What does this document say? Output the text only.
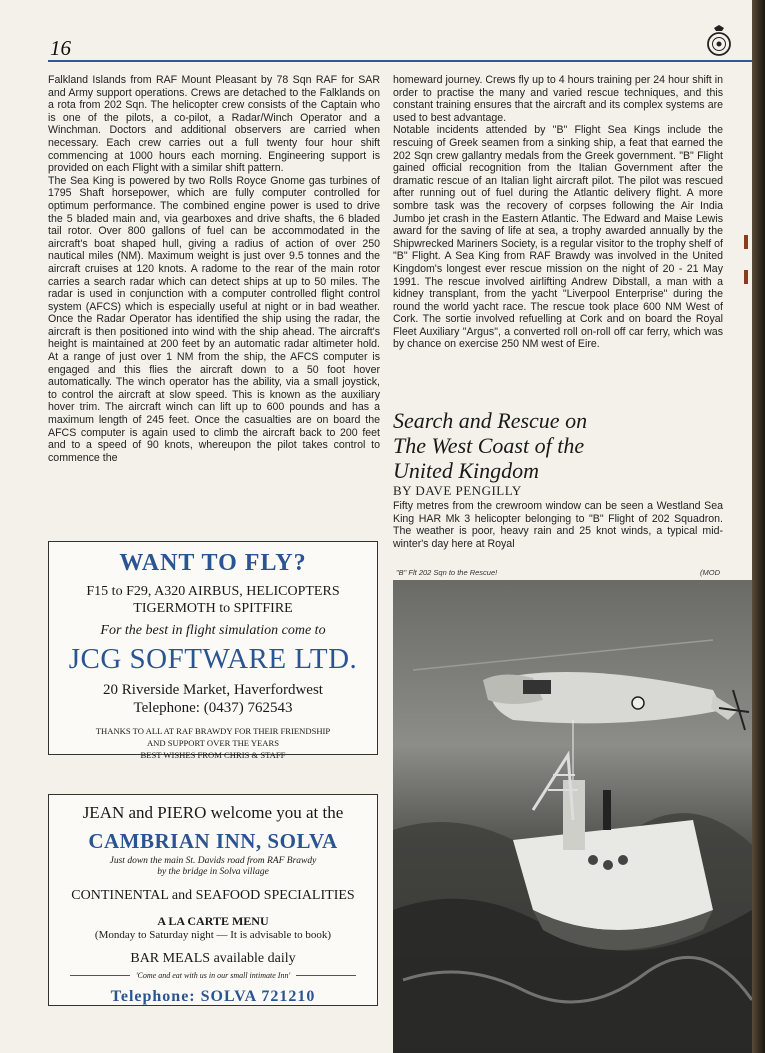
16

Falkland Islands from RAF Mount Pleasant by 78 Sqn RAF for SAR and Army support operations. Crews are detached to the Falklands on a rota from 202 Sqn. The helicopter crew consists of the Captain who is one of the pilots, a co-pilot, a Radar/Winch Operator and a Winchman. Doctors and additional observers are carried when necessary. Each crew carries out a full twenty four hour shift commencing at 1000 hours each morning. Engineering support is provided on each Flight with a similar shift pattern.

The Sea King is powered by two Rolls Royce Gnome gas turbines of 1795 Shaft horsepower, which are fully computer controlled for optimum performance. The combined engine power is used to drive the 5 bladed main and, via gearboxes and drive shafts, the 6 bladed tail rotor. Over 800 gallons of fuel can be accommodated in the aircraft's boat shaped hull, giving a radius of action of over 250 nautical miles (NM). Maximum weight is just over 9.5 tonnes and the aircraft cruises at 120 knots. A radome to the rear of the main rotor carries a search radar which can detect ships at up to 50 miles. The radar is used in conjunction with a computer controlled flight control system (AFCS) which is especially useful at night or in bad weather. Once the Radar Operator has identified the ship using the radar, the aircraft is then positioned into wind with the ship ahead. The aircraft's height is maintained at 200 feet by an automatic radar altimeter hold. At a range of just over 1 NM from the ship, the AFCS computer is engaged and this flies the aircraft down to a 50 foot hover automatically. The winch operator has the ability, via a small joystick, to control the aircraft at slow speed. This is known as the auxiliary hover trim. The aircraft winch can lift up to 600 pounds and has a maximum length of 245 feet. Once the casualties are on board the AFCS computer is again used to climb the aircraft back to 200 feet and to a speed of 90 knots, whereupon the pilot takes control to commence the

homeward journey. Crews fly up to 4 hours training per 24 hour shift in order to practise the many and varied rescue techniques, and this constant training ensures that the aircraft and its complex systems are used to best advantage.

Notable incidents attended by "B" Flight Sea Kings include the rescuing of Greek seamen from a sinking ship, a feat that earned the 202 Sqn crew gallantry medals from the Greek government. "B" Flight gained official recognition from the Italian Government after the dramatic rescue of an Italian light aircraft pilot. The pilot was rescued after running out of fuel during the Atlantic delivery flight. A more sombre task was the recovery of corpses following the Air India Jumbo jet crash in the Eastern Atlantic. The Edward and Maise Lewis award for the saving of life at sea, a trophy awarded annually by the Shipwrecked Mariners Society, is a regular visitor to the trophy shelf of "B" Flight. A Sea King from RAF Brawdy was involved in the United Kingdom's longest ever rescue mission on the night of 20 - 21 May 1991. The rescue involved airlifting Andrew Dibstall, a man with a kidney transplant, from the yacht "Liverpool Enterprise" during the round the world yacht race. The rescue took place 600 NM West of Cork. The sortie involved refuelling at Cork and on board the Royal Fleet Auxiliary "Argus", a converted roll on-roll off car ferry, which was by chance on exercise 250 NM west of Eire.

Search and Rescue on
The West Coast of the
United Kingdom
BY DAVE PENGILLY

Fifty metres from the crewroom window can be seen a Westland Sea King HAR Mk 3 helicopter belonging to "B" Flight of 202 Squadron. The weather is poor, heavy rain and 25 knot winds, a typical mid-winter's day here at Royal

WANT TO FLY?
F15 to F29, A320 AIRBUS, HELICOPTERS
TIGERMOTH to SPITFIRE
For the best in flight simulation come to
JCG SOFTWARE LTD.
20 Riverside Market, Haverfordwest
Telephone: (0437) 762543
THANKS TO ALL AT RAF BRAWDY FOR THEIR FRIENDSHIP
AND SUPPORT OVER THE YEARS
BEST WISHES FROM CHRIS & STAFF
JEAN and PIERO welcome you at the
CAMBRIAN INN, SOLVA
Just down the main St. Davids road from RAF Brawdy
by the bridge in Solva village
CONTINENTAL and SEAFOOD SPECIALITIES
A LA CARTE MENU
(Monday to Saturday night — It is advisable to book)
BAR MEALS available daily
'Come and eat with us in our small intimate Inn'
Telephone: SOLVA 721210
"B" Flt 202 Sqn to the Rescue!	(MOD
